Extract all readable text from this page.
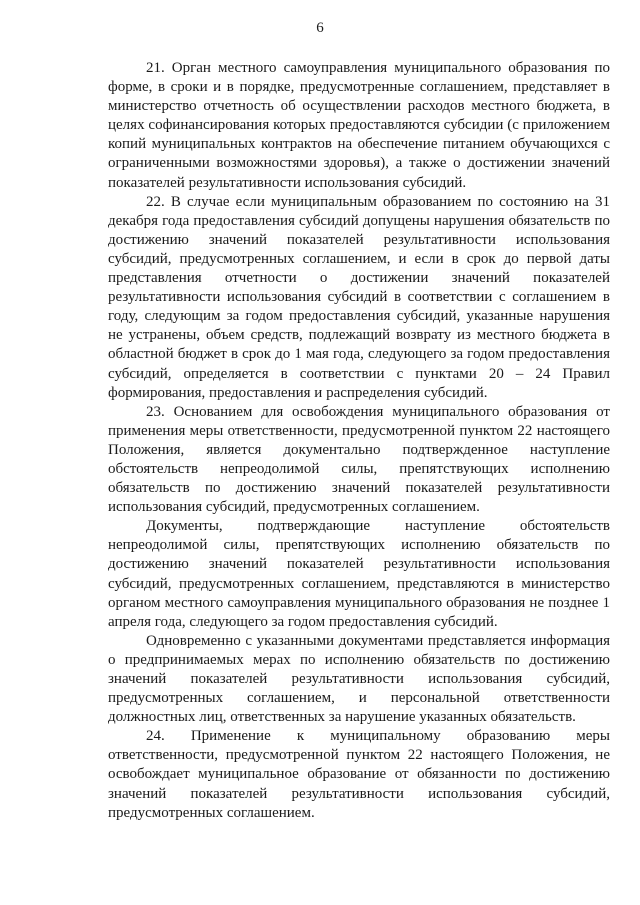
6

21. Орган местного самоуправления муниципального образования по форме, в сроки и в порядке, предусмотренные соглашением, представляет в министерство отчетность об осуществлении расходов местного бюджета, в целях софинансирования которых предоставляются субсидии (с приложением копий муниципальных контрактов на обеспечение питанием обучающихся с ограниченными возможностями здоровья), а также о достижении значений показателей результативности использования субсидий.

22. В случае если муниципальным образованием по состоянию на 31 декабря года предоставления субсидий допущены нарушения обязательств по достижению значений показателей результативности использования субсидий, предусмотренных соглашением, и если в срок до первой даты представления отчетности о достижении значений показателей результативности использования субсидий в соответствии с соглашением в году, следующим за годом предоставления субсидий, указанные нарушения не устранены, объем средств, подлежащий возврату из местного бюджета в областной бюджет в срок до 1 мая года, следующего за годом предоставления субсидий, определяется в соответствии с пунктами 20 – 24 Правил формирования, предоставления и распределения субсидий.

23. Основанием для освобождения муниципального образования от применения меры ответственности, предусмотренной пунктом 22 настоящего Положения, является документально подтвержденное наступление обстоятельств непреодолимой силы, препятствующих исполнению обязательств по достижению значений показателей результативности использования субсидий, предусмотренных соглашением.

Документы, подтверждающие наступление обстоятельств непреодолимой силы, препятствующих исполнению обязательств по достижению значений показателей результативности использования субсидий, предусмотренных соглашением, представляются в министерство органом местного самоуправления муниципального образования не позднее 1 апреля года, следующего за годом предоставления субсидий.

Одновременно с указанными документами представляется информация о предпринимаемых мерах по исполнению обязательств по достижению значений показателей результативности использования субсидий, предусмотренных соглашением, и персональной ответственности должностных лиц, ответственных за нарушение указанных обязательств.

24. Применение к муниципальному образованию меры ответственности, предусмотренной пунктом 22 настоящего Положения, не освобождает муниципальное образование от обязанности по достижению значений показателей результативности использования субсидий, предусмотренных соглашением.
